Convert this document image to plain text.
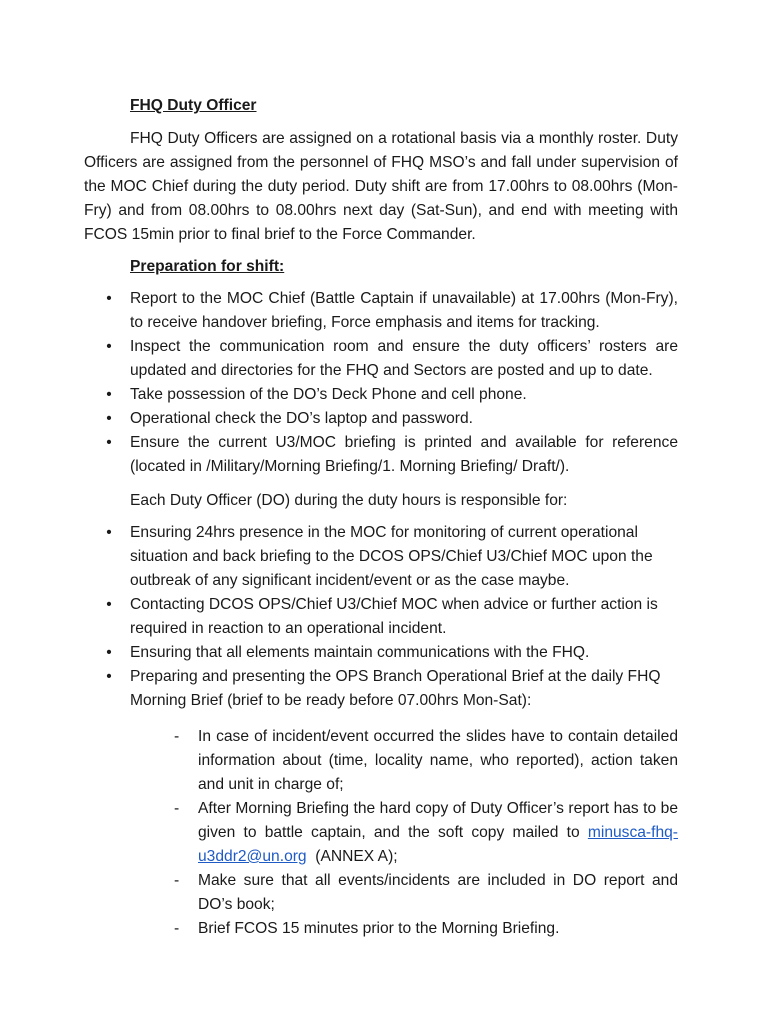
FHQ Duty Officer

FHQ Duty Officers are assigned on a rotational basis via a monthly roster. Duty Officers are assigned from the personnel of FHQ MSO’s and fall under supervision of the MOC Chief during the duty period. Duty shift are from 17.00hrs to 08.00hrs (Mon-Fry) and from 08.00hrs to 08.00hrs next day (Sat-Sun), and end with meeting with FCOS 15min prior to final brief to the Force Commander.

Preparation for shift:

• Report to the MOC Chief (Battle Captain if unavailable) at 17.00hrs (Mon-Fry), to receive handover briefing, Force emphasis and items for tracking.
• Inspect the communication room and ensure the duty officers’ rosters are updated and directories for the FHQ and Sectors are posted and up to date.
• Take possession of the DO’s Deck Phone and cell phone.
• Operational check the DO’s laptop and password.
• Ensure the current U3/MOC briefing is printed and available for reference (located in /Military/Morning Briefing/1. Morning Briefing/ Draft/).

Each Duty Officer (DO) during the duty hours is responsible for:

• Ensuring 24hrs presence in the MOC for monitoring of current operational situation and back briefing to the DCOS OPS/Chief U3/Chief MOC upon the outbreak of any significant incident/event or as the case maybe.
• Contacting DCOS OPS/Chief U3/Chief MOC when advice or further action is required in reaction to an operational incident.
• Ensuring that all elements maintain communications with the FHQ.
• Preparing and presenting the OPS Branch Operational Brief at the daily FHQ Morning Brief (brief to be ready before 07.00hrs Mon-Sat):
- In case of incident/event occurred the slides have to contain detailed information about (time, locality name, who reported), action taken and unit in charge of;
- After Morning Briefing the hard copy of Duty Officer’s report has to be given to battle captain, and the soft copy mailed to minusca-fhq-u3ddr2@un.org  (ANNEX A);
- Make sure that all events/incidents are included in DO report and DO’s book;
- Brief FCOS 15 minutes prior to the Morning Briefing.
